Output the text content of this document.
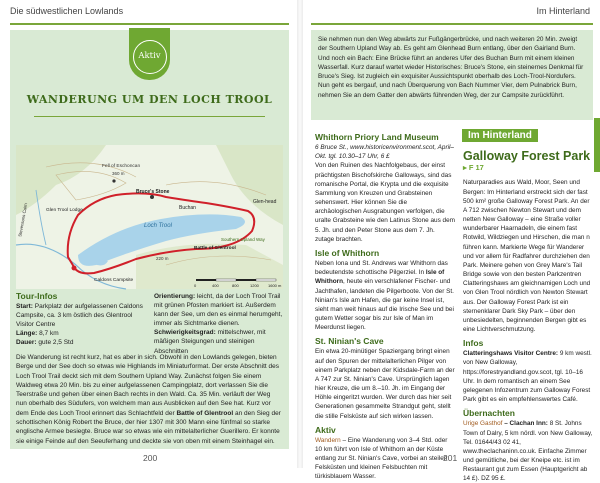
Die südwestlichen Lowlands
Aktiv
WANDERUNG UM DEN LOCH TROOL
Fell of Eschoncan
360 m
Bruce's Stone
Buchan
Glen-head
Glen Trool Lodge
Southern Upland Way
Battle of Glentrool
Caldons Campsite
Stevensons Cairn	Loch Trool
220 m
0	400	800	1200 1600 m
Tour-Infos
Start: Parkplatz der aufgelassenen Caldons Campsite, ca. 3 km östlich des Glentrool Visitor Centre
Länge: 8,7 km
Dauer: gute 2,5 Std
Orientierung: leicht, da der Loch Trool Trail mit grünen Pfosten markiert ist. Außerdem kann der See, um den es einmal herumgeht, immer als Sichtmarke dienen.
Schwierigkeitsgrad: mittelschwer, mit mäßigen Steigungen und steinigen Abschnitten
Die Wanderung ist recht kurz, hat es aber in sich. Obwohl in den Lowlands gelegen, bieten Berge und der See doch so etwas wie Highlands im Miniaturformat. Der erste Abschnitt des Loch Trool Trail deckt sich mit dem Southern Upland Way. Zunächst folgen Sie einem Waldweg etwa 20 Min. bis zu einer aufgelassenen Campingplatz, dort verlassen Sie die Teerstraße und gehen über einen Bach rechts in den Wald. Ca. 35 Min. verläuft der Weg nun oberhalb des Südufers, von welchem man aus Ausblicken auf den See hat. Kurz vor dem Ende des Loch Trool erinnert das Schlachtfeld der Battle of Glentrool an den Sieg der schottischen König Robert the Bruce, der hier 1307 mit 300 Mann eine fünfmal so starke englische Armee besiegte. Bruce war so etwas wie ein mittelalterlicher Guerillero. Er konnte sie einige Feinde auf den Seeuferhang und deckte sie von oben mit einem Steinhagel ein.
200
Im Hinterland
Sie nehmen nun den Weg abwärts zur Fußgängerbrücke, und nach weiteren 20 Min. zweigt der Southern Upland Way ab. Es geht am Glenhead Burn entlang, über den Gairland Burn. Und noch ein Bach: Eine Brücke führt an anderes Ufer des Buchan Burn mit einem kleinen Wasserfall. Kurz darauf wartet wieder Historisches: Bruce's Stone, ein steinernes Denkmal für Bruce's Sieg. Ist zugleich ein exquisiter Aussichtspunkt oberhalb des Loch-Trool-Nordufers. Nun geht es bergauf, und nach Überquerung von Bach Nummer Vier, dem Pulnabrick Burn, nehmen Sie an dem Gatter den abwärts führenden Weg, der zur Campsite zurückführt.
Whithorn Priory Land Museum

6 Bruce St., www.historicenvironment.scot, April–Okt. tgl. 10.30–17 Uhr, 6 £

Von den Ruinen des Nachfolgebaus, der einst prächtigsten Bischofskirche Galloways, sind das romanische Portal, die Krypta und die exquisite Sammlung von Kreuzen und Grabsteinen sehenswert. Hier können Sie die archäologischen Ausgrabungen verfolgen, die uralte Grabsteine wie den Latinus Stone aus dem 5. Jh. und den Peter Stone aus dem 7. Jh. zutage brachten.

Isle of Whithorn

Neben Iona und St. Andrews war Whithorn das bedeutendste schottische Pilgerziel. In Isle of Whithorn, heute ein verschlafener Fischer- und Jachthafen, landeten die Pilgerboote. Von der St. Ninian's Isle am Hafen, die gar keine Insel ist, sieht man weit hinaus auf die Irische See und bei gutem Wetter sogar bis zur Isle of Man im Meerdunst liegen.

St. Ninian's Cave

Ein etwa 20-minütiger Spaziergang bringt einen auf den Spuren der mittelalterlichen Pilger von einem Parkplatz neben der Kidsdale-Farm an der A 747 zur St. Ninian's Cave. Ursprünglich lagen hier Kreuze, die um 8.–10. Jh. im Eingang der Höhle eingeritzt wurden. Wer durch das hier seit Generationen gesammelte Strandgut geht, stellt die stille Felsküste auf sich wirken lassen.

Aktiv

Wandern – Eine Wanderung von 3–4 Std. oder 10 km führt von Isle of Whithorn an der Küste entlang zur St. Ninian's Cave, vorbei an steilen Felsküsten und kleinen Felsbuchten mit türkisblauem Wasser.

Im Hinterland
Galloway Forest Park
▸ F 17

Naturparadies aus Wald, Moor, Seen und Bergen: Im Hinterland erstreckt sich der fast 500 km² große Galloway Forest Park. An der A 712 zwischen Newton Stewart und dem netten New Galloway – eine Straße voller wunderbarer Haarnadeln, die einem fast Rotwild, Wildziegen und Hirschen, die man n führen kann. Markierte Wege für Wanderer und vor allem für Radfahrer durchziehen den Park. Meinere gehen von Grey Mare's Tail Bridge sowie von den besten Parkzentren Clatteringshaws am gleichnamigen Loch und von Glen Trool nördlich von Newton Stewart aus. Der Galloway Forest Park ist ein sternenklarer Dark Sky Park – über den unbesiedelten, beginnenden Bergen gibt es eine Lichtverschmutzung.

Infos

Clatteringshaws Visitor Centre: 9 km westl. von New Galloway, https://forestryandland.gov.scot, tgl. 10–16 Uhr. In dem romantisch an einem See gelegenen Infozentrum zum Galloway Forest Park gibt es ein empfehlenswertes Café.

Übernachten

Urige Gasthof – Clachan Inn: 8 St. Johns Town of Dalry, 5 km nördl. von New Galloway, Tel. 01644/43 02 41, www.theclachaninn.co.uk. Einfache Zimmer und gemütliche, bei der Kneipe etc. ist im Restaurant gut zum Essen (Hauptgericht ab 14 £). DZ 95 £.

201
